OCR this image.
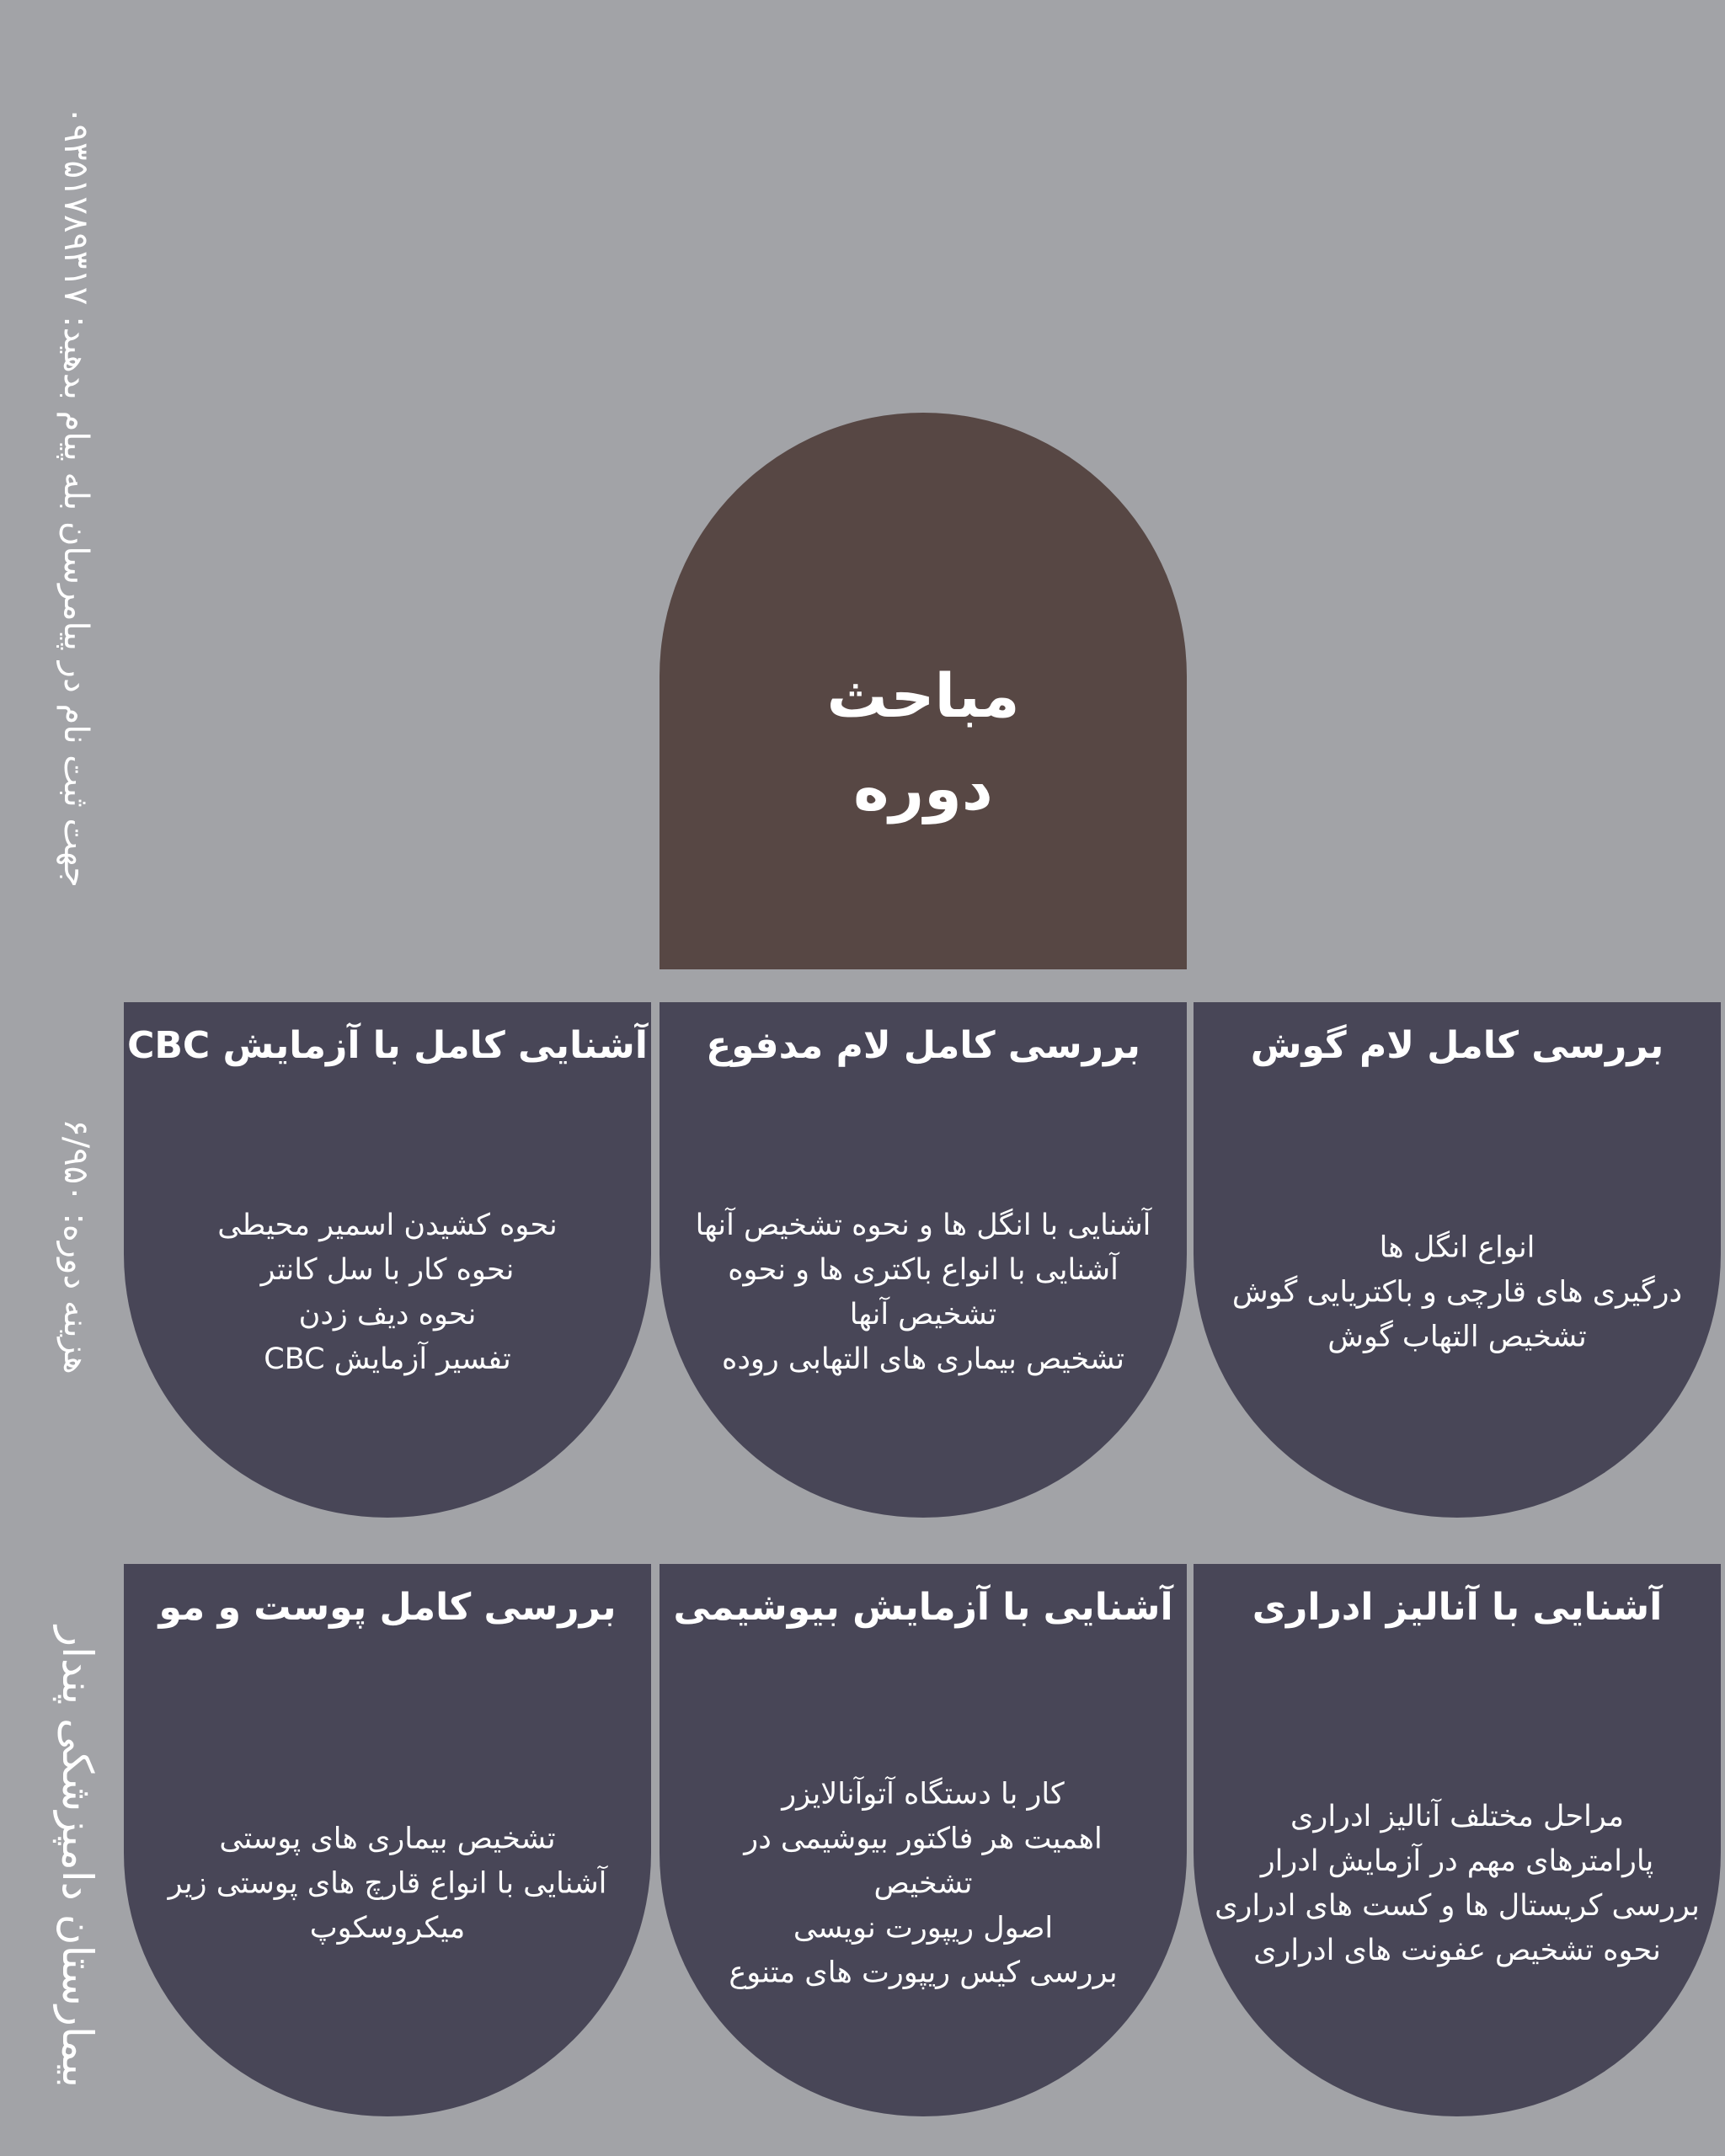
جهت ثبت نام در پیامرسان بله پیام بدهید: ۰۹۳۵۱۷۸۹۳۱۷
هزینه دوره: ۶/۹۵۰
بیمارستان دامپزشکی پندار
مباحث
دوره
بررسی کامل لام گوش
انواع انگل ها
درگیری های قارچی و باکتریایی گوش
تشخیص التهاب گوش
بررسی کامل لام مدفوع
آشنایی با انگل ها و نحوه تشخیص آنها
آشنایی با انواع باکتری ها و نحوه
تشخیص آنها
تشخیص بیماری های التهابی روده
آشنایی کامل با آزمایش CBC
نحوه کشیدن اسمیر محیطی
نحوه کار با سل کانتر
نحوه دیف زدن
تفسیر آزمایش CBC
آشنایی با آنالیز ادراری
مراحل مختلف آنالیز ادراری
پارامترهای مهم در آزمایش ادرار
بررسی کریستال ها و کست های ادراری
نحوه تشخیص عفونت های ادراری
آشنایی با آزمایش بیوشیمی
کار با دستگاه آتوآنالایزر
اهمیت هر فاکتور بیوشیمی در
تشخیص
اصول ریپورت نویسی
بررسی کیس ریپورت های متنوع
بررسی کامل پوست و مو
تشخیص بیماری های پوستی
آشنایی با انواع قارچ های پوستی زیر
میکروسکوپ
